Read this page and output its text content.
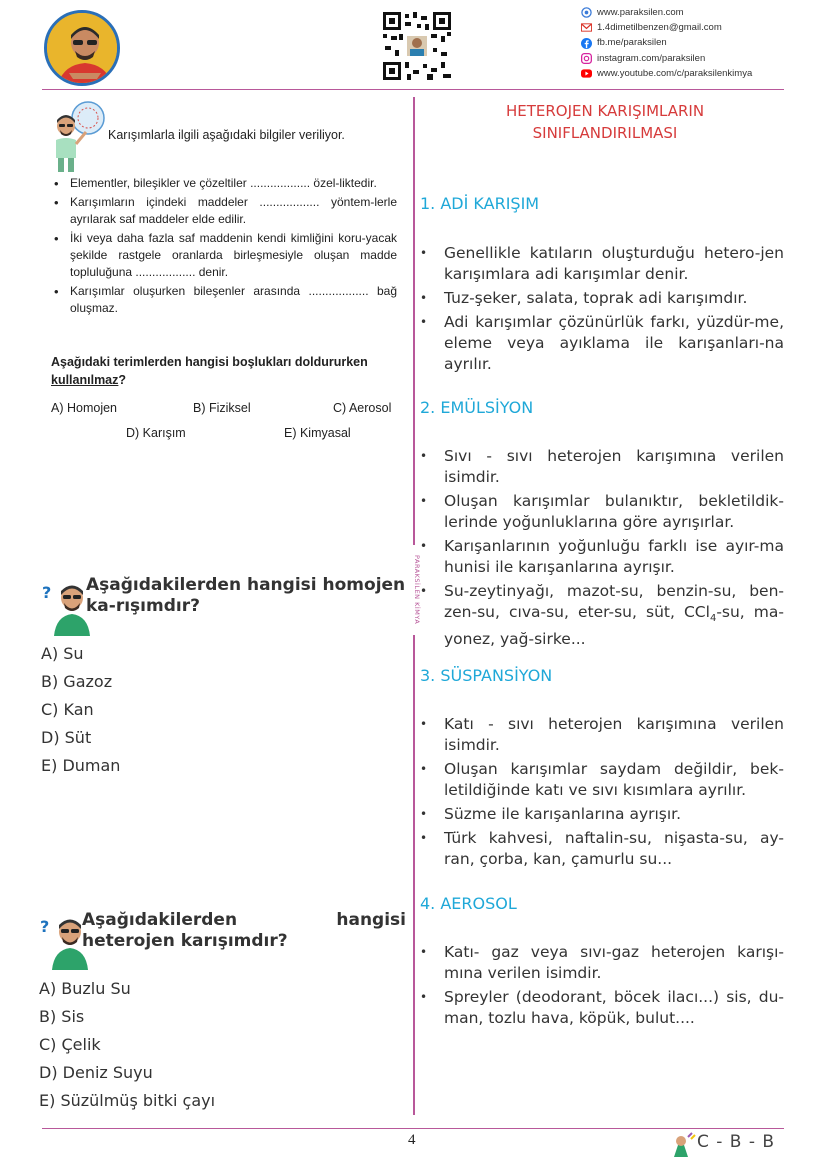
www.paraksilen.com
1.4dimetilbenzen@gmail.com
fb.me/paraksilen
instagram.com/paraksilen
www.youtube.com/c/paraksilenkimya
PARAKSİLEN KİMYA
Karışımlarla ilgili aşağıdaki bilgiler veriliyor.
• Elementler, bileşikler ve çözeltiler .................. özel-liktedir.
• Karışımların içindeki maddeler .................. yöntem-lerle ayrılarak saf maddeler elde edilir.
• İki veya daha fazla saf maddenin kendi kimliğini koru-yacak şekilde rastgele oranlarda birleşmesiyle oluşan madde topluluğuna .................. denir.
• Karışımlar oluşurken bileşenler arasında .................. bağ oluşmaz.
Aşağıdaki terimlerden hangisi boşlukları doldururken kullanılmaz?
A) Homojen	B) Fiziksel	C) Aerosol
D) Karışım	E) Kimyasal
? Aşağıdakilerden hangisi homojen ka-rışımdır?
A) Su
B) Gazoz
C) Kan
D) Süt
E) Duman
? Aşağıdakilerden hangisi heterojen karışımdır?
A) Buzlu Su
B) Sis
C) Çelik
D) Deniz Suyu
E) Süzülmüş bitki çayı
HETEROJEN KARIŞIMLARIN
SINIFLANDIRILMASI
1. ADİ KARIŞIM
• Genellikle katıların oluşturduğu hetero-jen karışımlara adi karışımlar denir.
• Tuz-şeker, salata, toprak adi karışımdır.
• Adi karışımlar çözünürlük farkı, yüzdür-me, eleme veya ayıklama ile karışanları-na ayrılır.
2. EMÜLSİYON
• Sıvı - sıvı heterojen karışımına verilen isimdir.
• Oluşan karışımlar bulanıktır, bekletildik-lerinde yoğunluklarına göre ayrışırlar.
• Karışanlarının yoğunluğu farklı ise ayır-ma hunisi ile karışanlarına ayrışır.
• Su-zeytinyağı, mazot-su, benzin-su, ben-zen-su, cıva-su, eter-su, süt, CCl$_4$-su, ma-yonez, yağ-sirke...
3. SÜSPANSİYON
• Katı - sıvı heterojen karışımına verilen isimdir.
• Oluşan karışımlar saydam değildir, bek-letildiğinde katı ve sıvı kısımlara ayrılır.
• Süzme ile karışanlarına ayrışır.
• Türk kahvesi, naftalin-su, nişasta-su, ay-ran, çorba, kan, çamurlu su...
4. AEROSOL
• Katı- gaz veya sıvı-gaz heterojen karışı-mına verilen isimdir.
• Spreyler (deodorant, böcek ilacı...) sis, du-man, tozlu hava, köpük, bulut....
4	C - B - B
